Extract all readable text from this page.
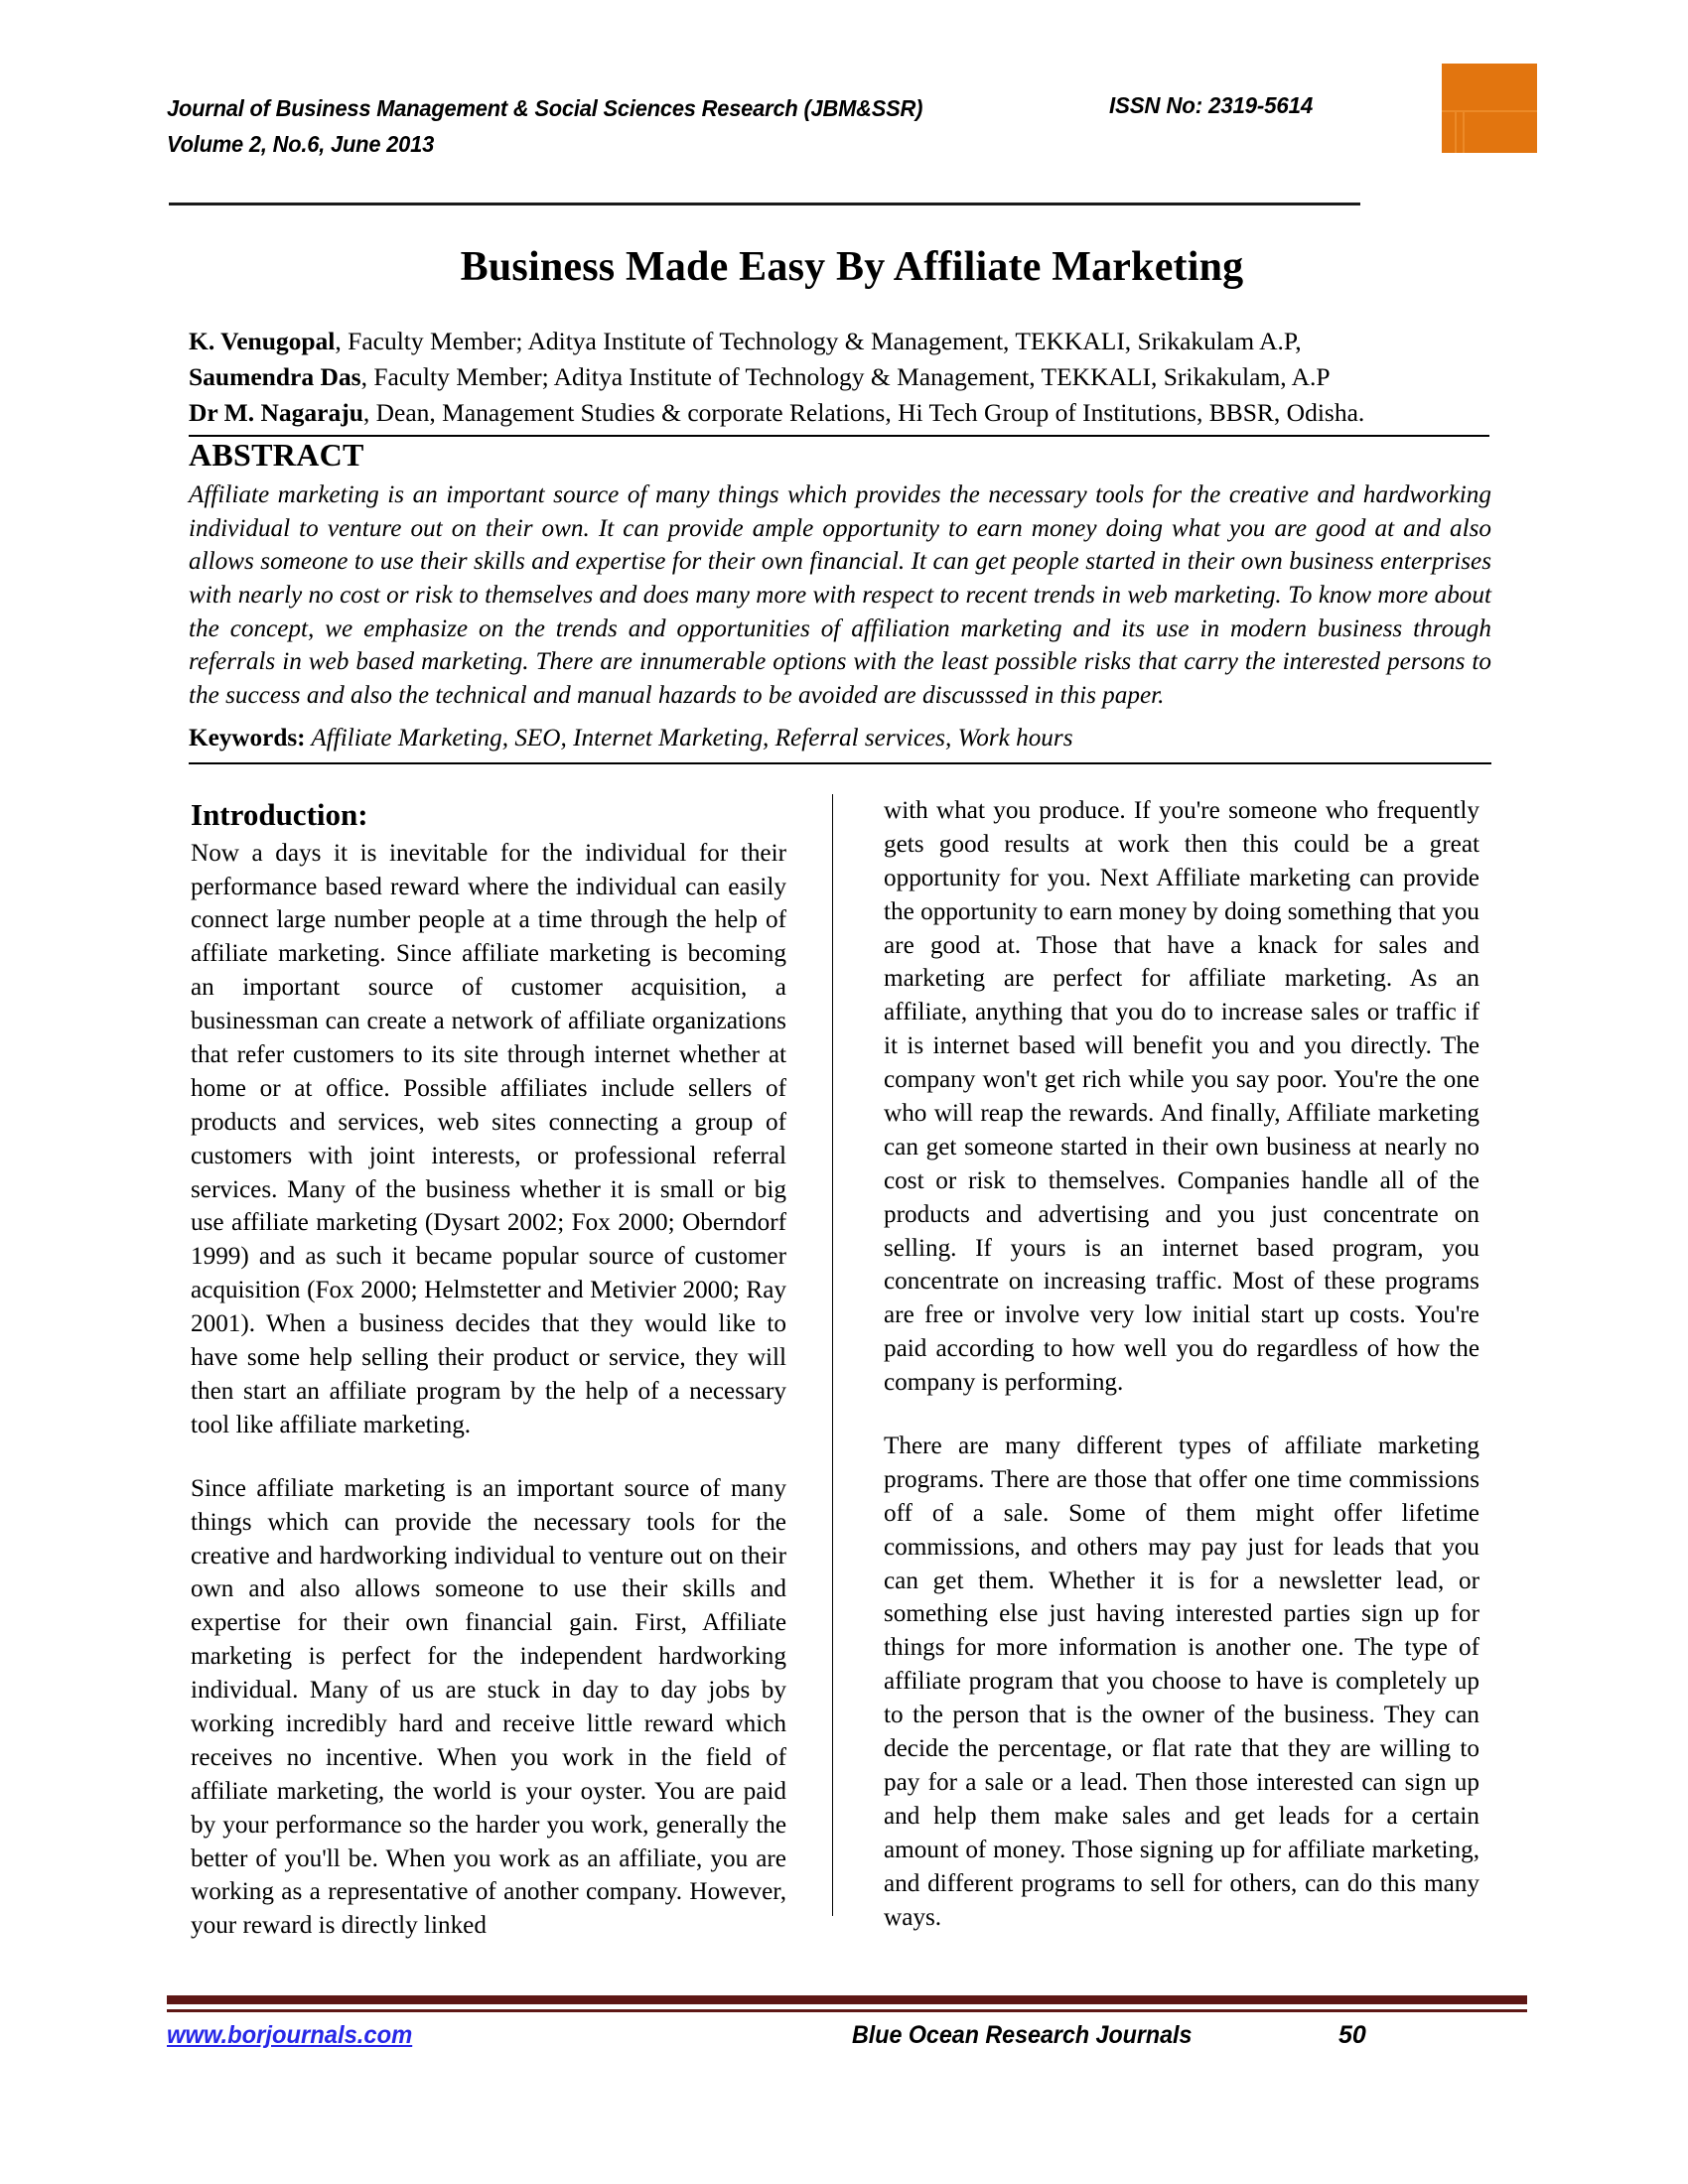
Journal of Business Management & Social Sciences Research (JBM&SSR)
Volume 2, No.6, June 2013
ISSN No: 2319-5614
Business Made Easy By Affiliate Marketing
K. Venugopal, Faculty Member; Aditya Institute of Technology & Management, TEKKALI, Srikakulam A.P,
Saumendra Das, Faculty Member; Aditya Institute of Technology & Management, TEKKALI, Srikakulam, A.P
Dr M. Nagaraju, Dean, Management Studies & corporate Relations, Hi Tech Group of Institutions, BBSR, Odisha.
ABSTRACT
Affiliate marketing is an important source of many things which provides the necessary tools for the creative and hardworking individual to venture out on their own. It can provide ample opportunity to earn money doing what you are good at and also allows someone to use their skills and expertise for their own financial. It can get people started in their own business enterprises with nearly no cost or risk to themselves and does many more with respect to recent trends in web marketing. To know more about the concept, we emphasize on the trends and opportunities of affiliation marketing and its use in modern business through referrals in web based marketing. There are innumerable options with the least possible risks that carry the interested persons to the success and also the technical and manual hazards to be avoided are discusssed in this paper.
Keywords: Affiliate Marketing, SEO, Internet Marketing, Referral services, Work hours
Introduction:

Now a days it is inevitable for the individual for their performance based reward where the individual can easily connect large number people at a time through the help of affiliate marketing. Since affiliate marketing is becoming an important source of customer acquisition, a businessman can create a network of affiliate organizations that refer customers to its site through internet whether at home or at office. Possible affiliates include sellers of products and services, web sites connecting a group of customers with joint interests, or professional referral services. Many of the business whether it is small or big use affiliate marketing (Dysart 2002; Fox 2000; Oberndorf 1999) and as such it became popular source of customer acquisition (Fox 2000; Helmstetter and Metivier 2000; Ray 2001). When a business decides that they would like to have some help selling their product or service, they will then start an affiliate program by the help of a necessary tool like affiliate marketing.

Since affiliate marketing is an important source of many things which can provide the necessary tools for the creative and hardworking individual to venture out on their own and also allows someone to use their skills and expertise for their own financial gain. First, Affiliate marketing is perfect for the independent hardworking individual. Many of us are stuck in day to day jobs by working incredibly hard and receive little reward which receives no incentive. When you work in the field of affiliate marketing, the world is your oyster. You are paid by your performance so the harder you work, generally the better of you'll be. When you work as an affiliate, you are working as a representative of another company. However, your reward is directly linked

with what you produce. If you're someone who frequently gets good results at work then this could be a great opportunity for you. Next Affiliate marketing can provide the opportunity to earn money by doing something that you are good at. Those that have a knack for sales and marketing are perfect for affiliate marketing. As an affiliate, anything that you do to increase sales or traffic if it is internet based will benefit you and you directly. The company won't get rich while you say poor. You're the one who will reap the rewards. And finally, Affiliate marketing can get someone started in their own business at nearly no cost or risk to themselves. Companies handle all of the products and advertising and you just concentrate on selling. If yours is an internet based program, you concentrate on increasing traffic. Most of these programs are free or involve very low initial start up costs. You're paid according to how well you do regardless of how the company is performing.

There are many different types of affiliate marketing programs. There are those that offer one time commissions off of a sale. Some of them might offer lifetime commissions, and others may pay just for leads that you can get them. Whether it is for a newsletter lead, or something else just having interested parties sign up for things for more information is another one. The type of affiliate program that you choose to have is completely up to the person that is the owner of the business. They can decide the percentage, or flat rate that they are willing to pay for a sale or a lead. Then those interested can sign up and help them make sales and get leads for a certain amount of money. Those signing up for affiliate marketing, and different programs to sell for others, can do this many ways.

www.borjournals.com	Blue Ocean Research Journals	50
